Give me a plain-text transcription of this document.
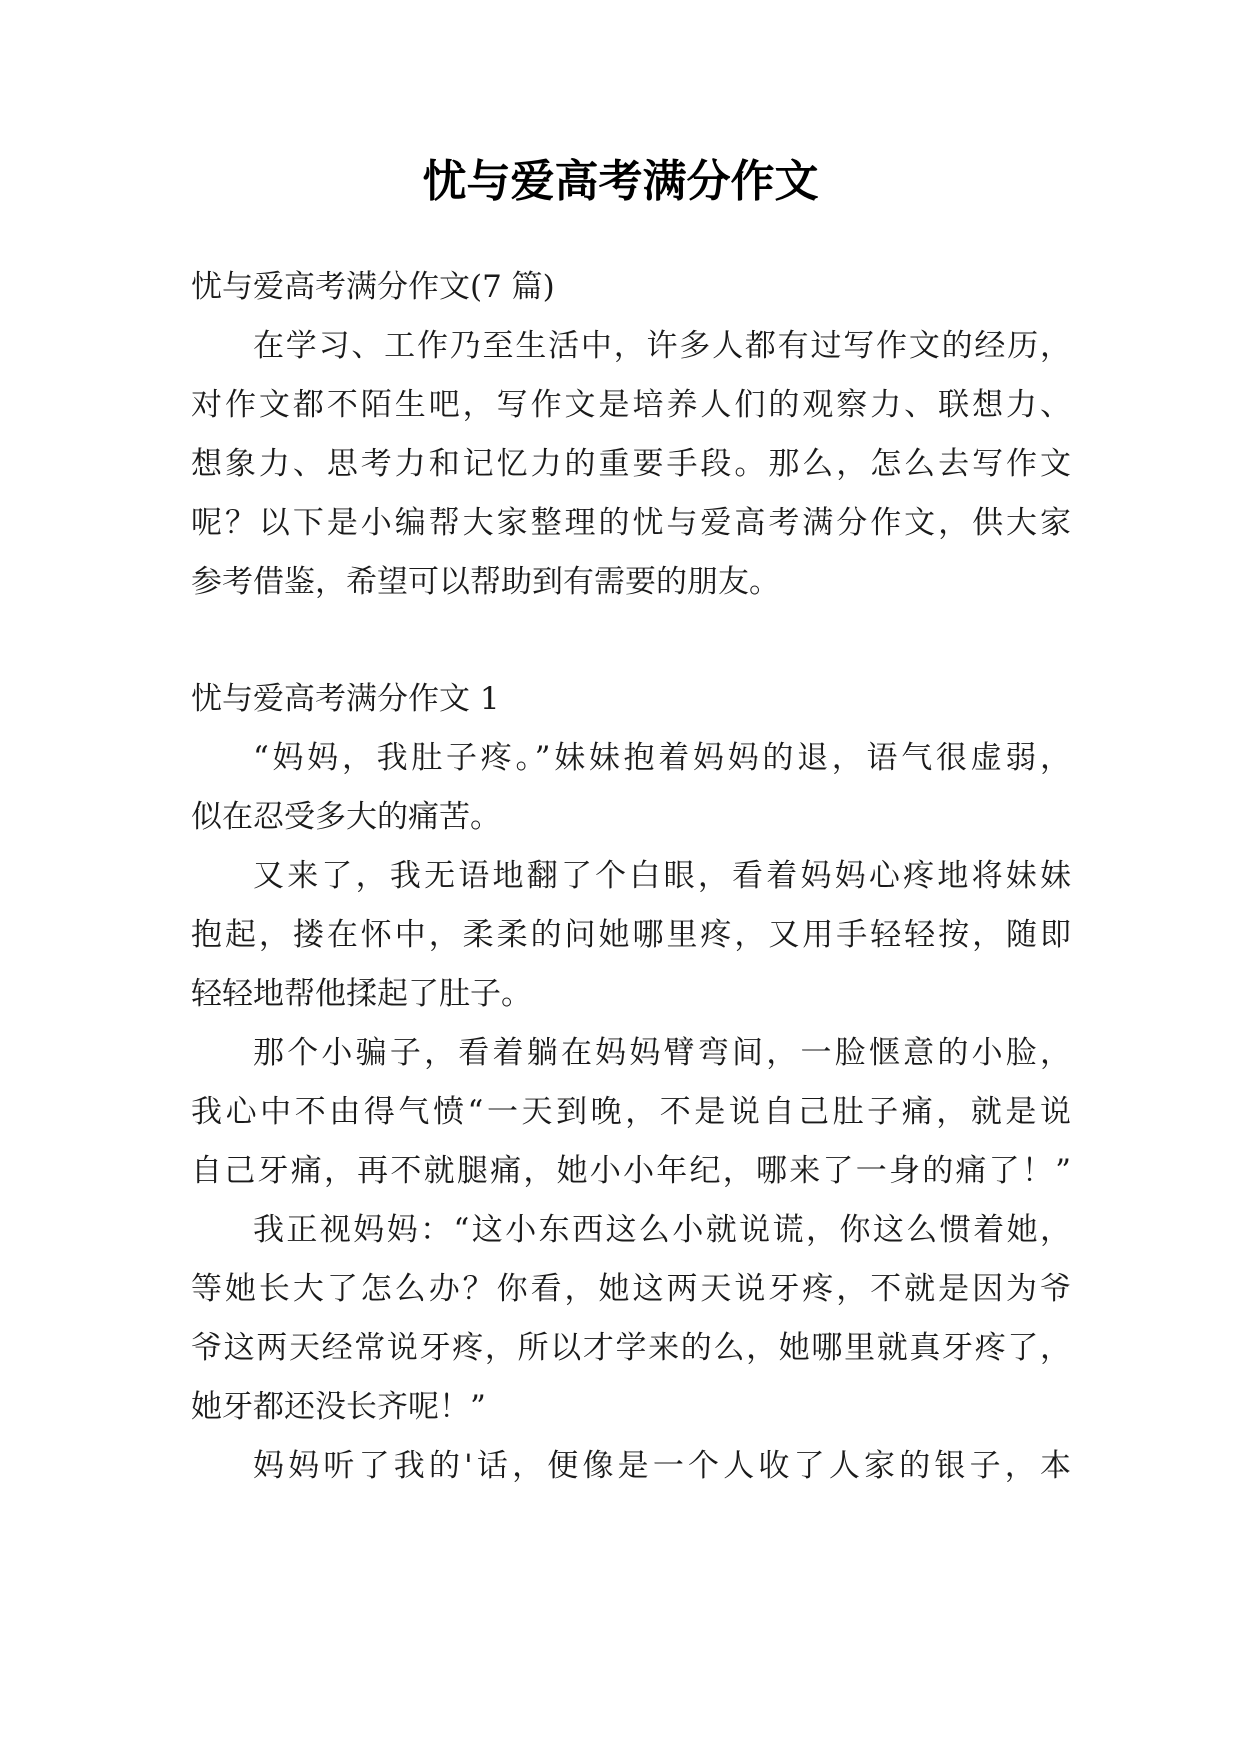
忧与爱高考满分作文
忧与爱高考满分作文(7 篇)
在学习、工作乃至生活中，许多人都有过写作文的经历，
对作文都不陌生吧，写作文是培养人们的观察力、联想力、
想象力、思考力和记忆力的重要手段。那么，怎么去写作文
呢？以下是小编帮大家整理的忧与爱高考满分作文，供大家
参考借鉴，希望可以帮助到有需要的朋友。
忧与爱高考满分作文 1
“妈妈，我肚子疼。”妹妹抱着妈妈的退，语气很虚弱，
似在忍受多大的痛苦。
又来了，我无语地翻了个白眼，看着妈妈心疼地将妹妹
抱起，搂在怀中，柔柔的问她哪里疼，又用手轻轻按，随即
轻轻地帮他揉起了肚子。
那个小骗子，看着躺在妈妈臂弯间，一脸惬意的小脸，
我心中不由得气愤“一天到晚，不是说自己肚子痛，就是说
自己牙痛，再不就腿痛，她小小年纪，哪来了一身的痛了！”
我正视妈妈：“这小东西这么小就说谎，你这么惯着她，
等她长大了怎么办？你看，她这两天说牙疼，不就是因为爷
爷这两天经常说牙疼，所以才学来的么，她哪里就真牙疼了，
她牙都还没长齐呢！”
妈妈听了我的'话，便像是一个人收了人家的银子，本
